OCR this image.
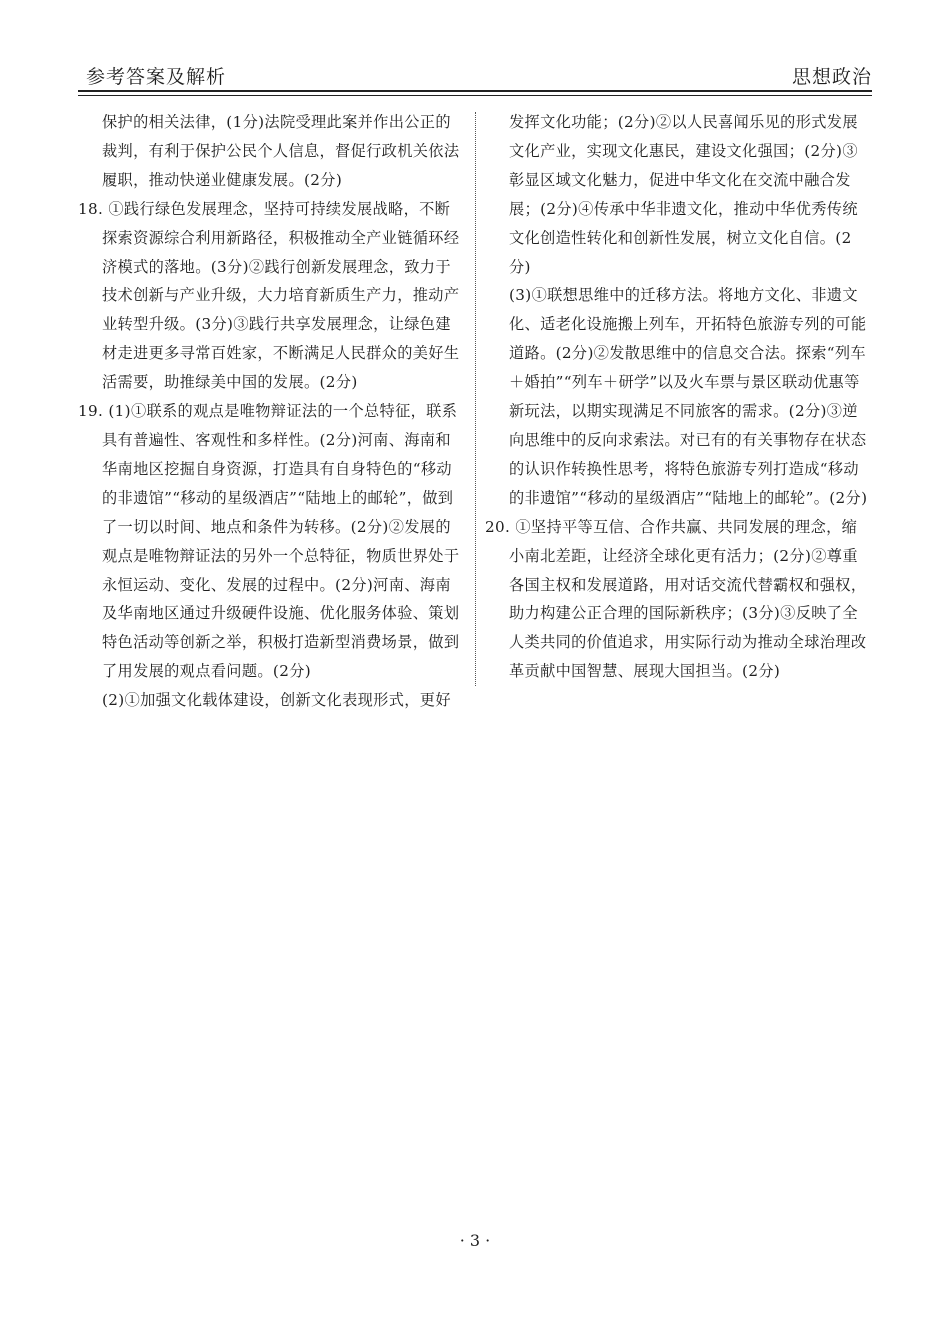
参考答案及解析	思想政治

保护的相关法律，(1分)法院受理此案并作出公正的裁判，有利于保护公民个人信息，督促行政机关依法履职，推动快递业健康发展。(2分)

18. ①践行绿色发展理念，坚持可持续发展战略，不断探索资源综合利用新路径，积极推动全产业链循环经济模式的落地。(3分)②践行创新发展理念，致力于技术创新与产业升级，大力培育新质生产力，推动产业转型升级。(3分)③践行共享发展理念，让绿色建材走进更多寻常百姓家，不断满足人民群众的美好生活需要，助推绿美中国的发展。(2分)

19. (1)①联系的观点是唯物辩证法的一个总特征，联系具有普遍性、客观性和多样性。(2分)河南、海南和华南地区挖掘自身资源，打造具有自身特色的“移动的非遗馆”“移动的星级酒店”“陆地上的邮轮”，做到了一切以时间、地点和条件为转移。(2分)②发展的观点是唯物辩证法的另外一个总特征，物质世界处于永恒运动、变化、发展的过程中。(2分)河南、海南及华南地区通过升级硬件设施、优化服务体验、策划特色活动等创新之举，积极打造新型消费场景，做到了用发展的观点看问题。(2分)

(2)①加强文化载体建设，创新文化表现形式，更好

发挥文化功能；(2分)②以人民喜闻乐见的形式发展文化产业，实现文化惠民，建设文化强国；(2分)③彰显区域文化魅力，促进中华文化在交流中融合发展；(2分)④传承中华非遗文化，推动中华优秀传统文化创造性转化和创新性发展，树立文化自信。(2分)

(3)①联想思维中的迁移方法。将地方文化、非遗文化、适老化设施搬上列车，开拓特色旅游专列的可能道路。(2分)②发散思维中的信息交合法。探索“列车＋婚拍”“列车＋研学”以及火车票与景区联动优惠等新玩法，以期实现满足不同旅客的需求。(2分)③逆向思维中的反向求索法。对已有的有关事物存在状态的认识作转换性思考，将特色旅游专列打造成“移动的非遗馆”“移动的星级酒店”“陆地上的邮轮”。(2分)

20. ①坚持平等互信、合作共赢、共同发展的理念，缩小南北差距，让经济全球化更有活力；(2分)②尊重各国主权和发展道路，用对话交流代替霸权和强权，助力构建公正合理的国际新秩序；(3分)③反映了全人类共同的价值追求，用实际行动为推动全球治理改革贡献中国智慧、展现大国担当。(2分)

· 3 ·
